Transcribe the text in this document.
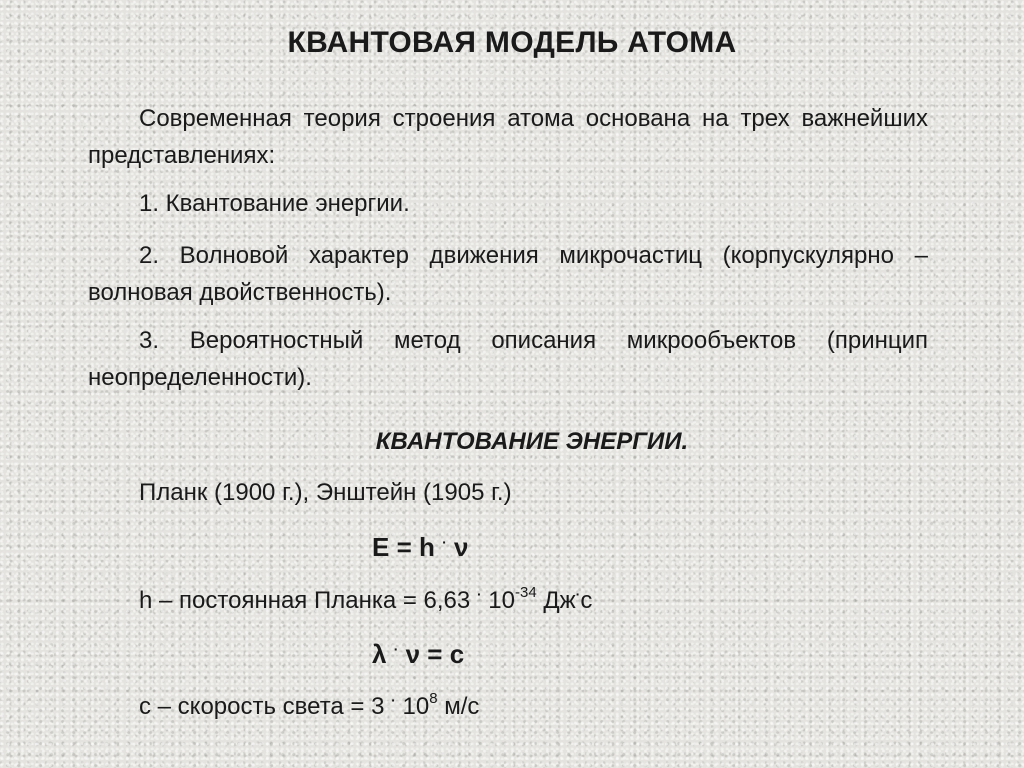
КВАНТОВАЯ МОДЕЛЬ АТОМА
Современная теория строения атома основана на трех важнейших представлениях:
1. Квантование энергии.
2. Волновой характер движения микрочастиц (корпускулярно – волновая двойственность).
3. Вероятностный метод описания микрообъектов (принцип неопределенности).
КВАНТОВАНИЕ ЭНЕРГИИ.
Планк (1900 г.), Энштейн (1905 г.)
E = h · ν
h – постоянная Планка = 6,63 · $10^{-34}$ Дж·с
λ · ν = c
c – скорость света = 3 · $10^8$ м/с
